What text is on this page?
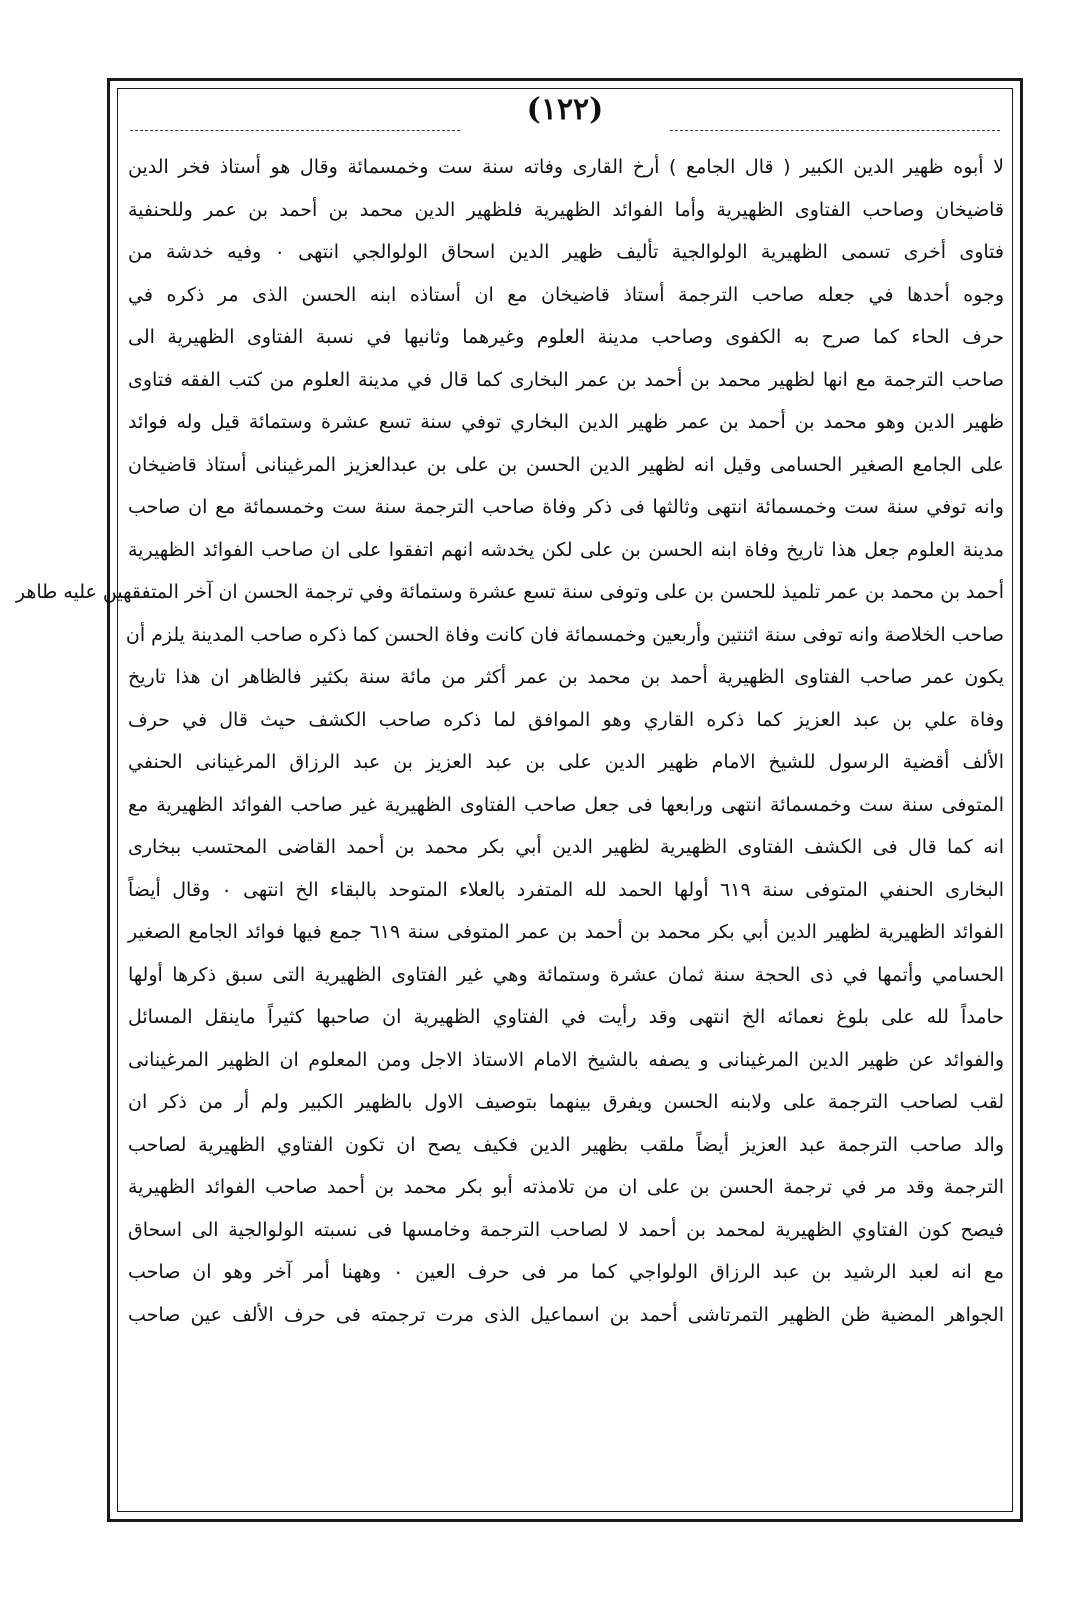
(١٢٢)
لا أبوه ظهير الدين الكبير ( قال الجامع ) أرخ القارى وفاته سنة ست وخمسمائة وقال هو أستاذ فخر الدين
قاضيخان وصاحب الفتاوى الظهيرية وأما الفوائد الظهيرية فلظهير الدين محمد بن أحمد بن عمر وللحنفية
فتاوى أخرى تسمى الظهيرية الولوالجية تأليف ظهير الدين اسحاق الولوالجي انتهى ٠ وفيه خدشة من
وجوه أحدها في جعله صاحب الترجمة أستاذ قاضيخان مع ان أستاذه ابنه الحسن الذى مر ذكره في
حرف الحاء كما صرح به الكفوى وصاحب مدينة العلوم وغيرهما وثانيها في نسبة الفتاوى الظهيرية الى
صاحب الترجمة مع انها لظهير محمد بن أحمد بن عمر البخارى كما قال في مدينة العلوم من كتب الفقه فتاوى
ظهير الدين وهو محمد بن أحمد بن عمر ظهير الدين البخاري توفي سنة تسع عشرة وستمائة قيل وله فوائد
على الجامع الصغير الحسامى وقيل انه لظهير الدين الحسن بن على بن عبدالعزيز المرغينانى أستاذ قاضيخان
وانه توفي سنة ست وخمسمائة انتهى وثالثها فى ذكر وفاة صاحب الترجمة سنة ست وخمسمائة مع ان صاحب
مدينة العلوم جعل هذا تاريخ وفاة ابنه الحسن بن على لكن يخدشه انهم اتفقوا على ان صاحب الفوائد الظهيرية
أحمد بن محمد بن عمر تلميذ للحسن بن على وتوفى سنة تسع عشرة وستمائة وفي ترجمة الحسن ان آخر المتفقهين عليه طاهر
صاحب الخلاصة وانه توفى سنة اثنتين وأربعين وخمسمائة فان كانت وفاة الحسن كما ذكره صاحب المدينة يلزم أن
يكون عمر صاحب الفتاوى الظهيرية أحمد بن محمد بن عمر أكثر من مائة سنة بكثير فالظاهر ان هذا تاريخ
وفاة علي بن عبد العزيز كما ذكره القاري وهو الموافق لما ذكره صاحب الكشف حيث قال في حرف
الألف أقضية الرسول للشيخ الامام ظهير الدين على بن عبد العزيز بن عبد الرزاق المرغينانى الحنفي
المتوفى سنة ست وخمسمائة انتهى ورابعها فى جعل صاحب الفتاوى الظهيرية غير صاحب الفوائد الظهيرية مع
انه كما قال فى الكشف الفتاوى الظهيرية لظهير الدين أبي بكر محمد بن أحمد القاضى المحتسب ببخارى
البخارى الحنفي المتوفى سنة ٦١٩ أولها الحمد لله المتفرد بالعلاء المتوحد بالبقاء الخ انتهى ٠ وقال أيضاً
الفوائد الظهيرية لظهير الدين أبي بكر محمد بن أحمد بن عمر المتوفى سنة ٦١٩ جمع فيها فوائد الجامع الصغير
الحسامي وأتمها في ذى الحجة سنة ثمان عشرة وستمائة وهي غير الفتاوى الظهيرية التى سبق ذكرها أولها
حامداً لله على بلوغ نعمائه الخ انتهى وقد رأيت في الفتاوي الظهيرية ان صاحبها كثيراً ماينقل المسائل
والفوائد عن ظهير الدين المرغينانى و يصفه بالشيخ الامام الاستاذ الاجل ومن المعلوم ان الظهير المرغينانى
لقب لصاحب الترجمة على ولابنه الحسن ويفرق بينهما بتوصيف الاول بالظهير الكبير ولم أر من ذكر ان
والد صاحب الترجمة عبد العزيز أيضاً ملقب بظهير الدين فكيف يصح ان تكون الفتاوي الظهيرية لصاحب
الترجمة وقد مر في ترجمة الحسن بن على ان من تلامذته أبو بكر محمد بن أحمد صاحب الفوائد الظهيرية
فيصح كون الفتاوي الظهيرية لمحمد بن أحمد لا لصاحب الترجمة وخامسها فى نسبته الولوالجية الى اسحاق
مع انه لعبد الرشيد بن عبد الرزاق الولواجي كما مر فى حرف العين ٠ وههنا أمر آخر وهو ان صاحب
الجواهر المضية ظن الظهير التمرتاشى أحمد بن اسماعيل الذى مرت ترجمته فى حرف الألف عين صاحب
